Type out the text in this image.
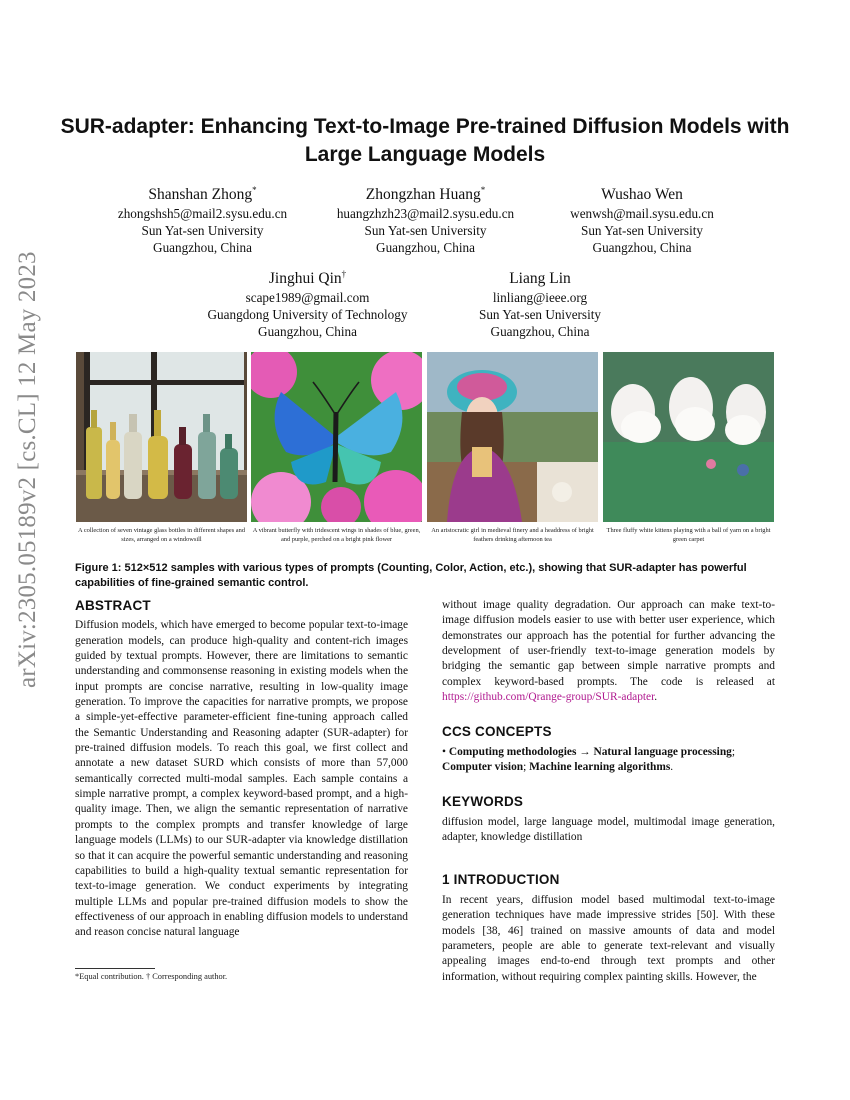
arXiv:2305.05189v2 [cs.CL] 12 May 2023
SUR-adapter: Enhancing Text-to-Image Pre-trained Diffusion Models with Large Language Models
Shanshan Zhong*
zhongshsh5@mail2.sysu.edu.cn
Sun Yat-sen University
Guangzhou, China
Zhongzhan Huang*
huangzhzh23@mail2.sysu.edu.cn
Sun Yat-sen University
Guangzhou, China
Wushao Wen
wenwsh@mail.sysu.edu.cn
Sun Yat-sen University
Guangzhou, China
Jinghui Qin†
scape1989@gmail.com
Guangdong University of Technology
Guangzhou, China
Liang Lin
linliang@ieee.org
Sun Yat-sen University
Guangzhou, China
A collection of seven vintage glass bottles in different shapes and sizes, arranged on a windowsill
A vibrant butterfly with iridescent wings in shades of blue, green, and purple, perched on a bright pink flower
An aristocratic girl in medieval finery and a headdress of bright feathers drinking afternoon tea
Three fluffy white kittens playing with a ball of yarn on a bright green carpet
Figure 1: 512×512 samples with various types of prompts (Counting, Color, Action, etc.), showing that SUR-adapter has powerful capabilities of fine-grained semantic control.
ABSTRACT

Diffusion models, which have emerged to become popular text-to-image generation models, can produce high-quality and content-rich images guided by textual prompts. However, there are limitations to semantic understanding and commonsense reasoning in existing models when the input prompts are concise narrative, resulting in low-quality image generation. To improve the capacities for narrative prompts, we propose a simple-yet-effective parameter-efficient fine-tuning approach called the Semantic Understanding and Reasoning adapter (SUR-adapter) for pre-trained diffusion models. To reach this goal, we first collect and annotate a new dataset SURD which consists of more than 57,000 semantically corrected multi-modal samples. Each sample contains a simple narrative prompt, a complex keyword-based prompt, and a high-quality image. Then, we align the semantic representation of narrative prompts to the complex prompts and transfer knowledge of large language models (LLMs) to our SUR-adapter via knowledge distillation so that it can acquire the powerful semantic understanding and reasoning capabilities to build a high-quality textual semantic representation for text-to-image generation. We conduct experiments by integrating multiple LLMs and popular pre-trained diffusion models to show the effectiveness of our approach in enabling diffusion models to understand and reason concise natural language

without image quality degradation. Our approach can make text-to-image diffusion models easier to use with better user experience, which demonstrates our approach has the potential for further advancing the development of user-friendly text-to-image generation models by bridging the semantic gap between simple narrative prompts and complex keyword-based prompts. The code is released at https://github.com/Qrange-group/SUR-adapter.

CCS CONCEPTS

• Computing methodologies → Natural language processing; Computer vision; Machine learning algorithms.

KEYWORDS

diffusion model, large language model, multimodal image generation, adapter, knowledge distillation

1 INTRODUCTION

In recent years, diffusion model based multimodal text-to-image generation techniques have made impressive strides [50]. With these models [38, 46] trained on massive amounts of data and model parameters, people are able to generate text-relevant and visually appealing images end-to-end through text prompts and other information, without requiring complex painting skills. However, the

*Equal contribution. † Corresponding author.
